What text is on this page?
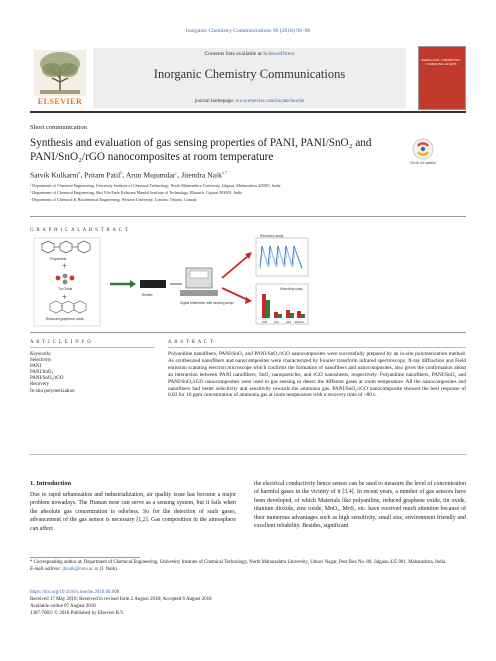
Inorganic Chemistry Communications 96 (2018) 90–96
Contents lists available at ScienceDirect
Inorganic Chemistry Communications
journal homepage: www.elsevier.com/locate/inoche
ELSEVIER
INORGANIC CHEMISTRY COMMUNICATIONS
Short communication
Synthesis and evaluation of gas sensing properties of PANI, PANI/SnO₂ and
PANI/SnO₂/rGO nanocomposites at room temperature	Check for updates
Satvik Kulkarni$^a$, Pritam Patil$^b$, Arun Mujumdar$^c$, Jitendra Naik$^{a,*}$
ᵃ Department of Chemical Engineering, University Institute of Chemical Technology, North Maharashtra University, Jalgaon, Maharashtra 425001, India
ᵇ Department of Chemical Engineering, Shri Vile Parle Kelavani Mandal Institute of Technology, Bharuch, Gujarat 392001, India
ᶜ Department of Chemical & Biochemical Engineering, Western University, London, Ontario, Canada
G R A P H I C A L A B S T R A C T
Polyaniline
+
Tin Oxide
+
Reduced graphene oxide
Emitter
Digital Multimeter with sensing setup
Recovery study
Selectivity study
NH3	LPG	H2S Ethanol
A R T I C L E I N F O	A B S T R A C T
Keywords:
Selectivity
PANI
PANI/SnO₂
PANI/SnO₂/rGO
Recovery
In-situ polymerization
Polyaniline nanofibers, PANI/SnO₂ and PANI/SnO₂/rGO nanocomposites were successfully prepared by an in-situ polymerization method. As synthesized nanofibers and nanocomposites were characterized by Fourier transform infrared spectroscopy, X-ray diffraction and Field emission scanning electron microscope which confirms the formation of nanofibers and nanocomposites, also gives the confirmation about an interaction between PANI nanofibers, SnO₂ nanoparticles, and rGO nanosheets, respectively. Polyaniline nanofibers, PANI/SnO₂ and PANI/SnO₂/rGO nanocomposites were used in gas sensing to detect the different gases at room temperature. All the nanocomposites and nanofibers had better selectivity and sensitivity towards the ammonia gas. PANI/SnO₂/rGO nanocomposite showed the best response of 0.83 for 10 ppm concentration of ammonia gas at room temperature with a recovery time of ~80 s.
1. Introduction
Due to rapid urbanization and industrialization, air quality issue has become a major problem nowadays. The Human nose can serve as a sensing system, but it fails when the absolute gas concentration is odorless. So for the detection of such gases, advancement of the gas sensor is necessary [1,2]. Gas composition in the atmosphere can affect
the electrical conductivity hence sensor can be used to measure the level of concentration of harmful gases in the vicinity of it [3,4]. In recent years, a number of gas sensors have been developed, of which Materials like polyaniline, reduced graphene oxide, tin oxide, titanium dioxide, zinc oxide, MnO₂, MoS₂ etc. have received much attention because of their numerous advantages such as high sensitivity, small size, environment friendly and excellent reliability. Besides, significant
* Corresponding author at: Department of Chemical Engineering, University Institute of Chemical Technology, North Maharashtra University, Umavi Nagar, Post Box No. 80, Jalgaon 425 001, Maharashtra, India.
E-mail address: jbnaik@nmu.ac.in (J. Naik).
https://doi.org/10.1016/j.inoche.2018.08.008
Received 17 May 2018; Received in revised form 2 August 2018; Accepted 6 August 2018
Available online 07 August 2018
1387-7003/ © 2018 Published by Elsevier B.V.
